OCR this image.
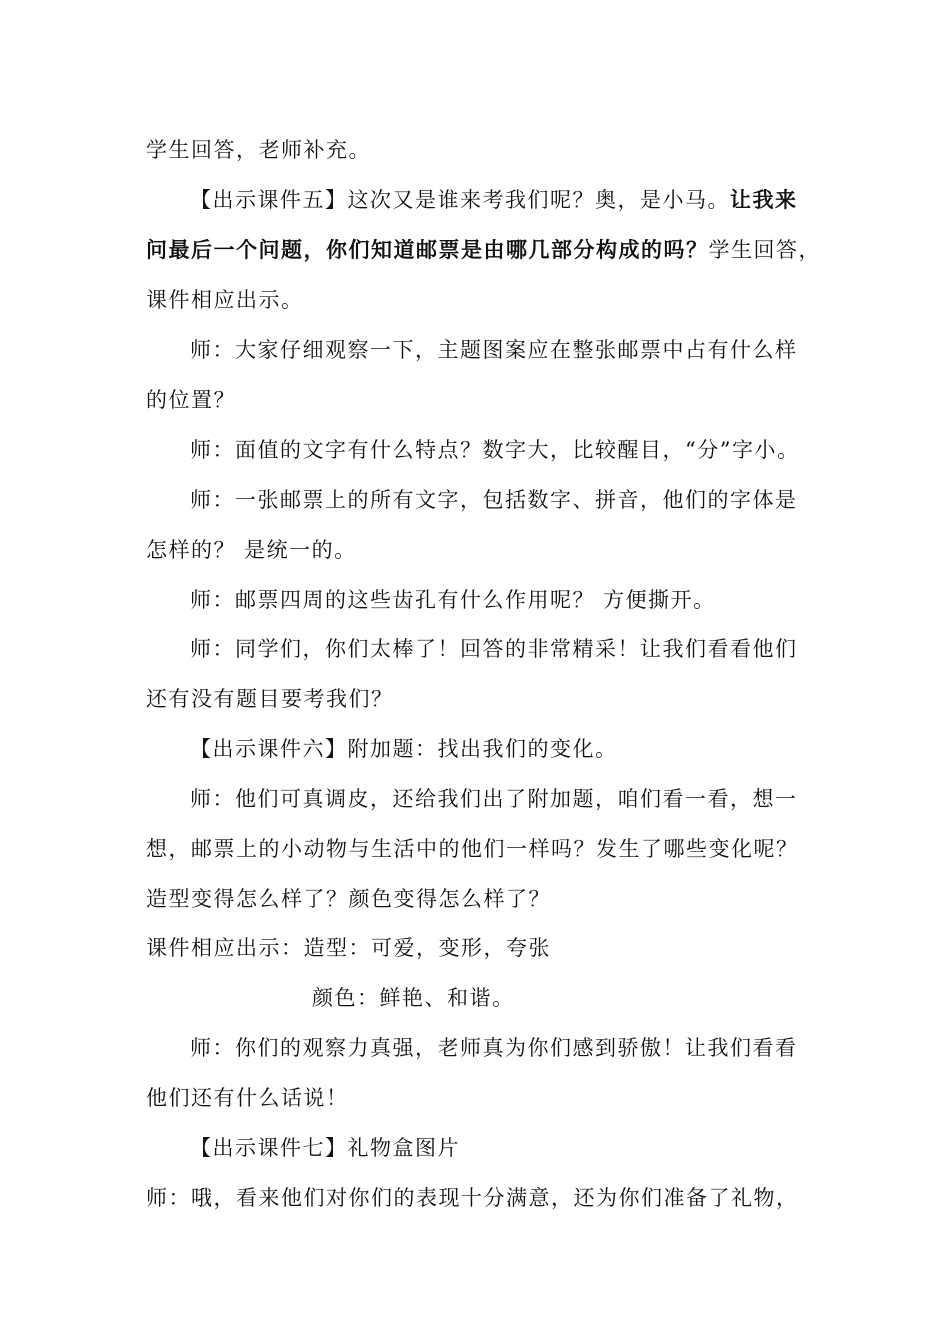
学生回答，老师补充。
【出示课件五】这次又是谁来考我们呢？奥，是小马。让我来
问最后一个问题，你们知道邮票是由哪几部分构成的吗？学生回答，
课件相应出示。
师：大家仔细观察一下，主题图案应在整张邮票中占有什么样
的位置？
师：面值的文字有什么特点？数字大，比较醒目，“分”字小。
师：一张邮票上的所有文字，包括数字、拼音，他们的字体是
怎样的？ 是统一的。
师：邮票四周的这些齿孔有什么作用呢？ 方便撕开。
师：同学们，你们太棒了！回答的非常精采！让我们看看他们
还有没有题目要考我们？
【出示课件六】附加题：找出我们的变化。
师：他们可真调皮，还给我们出了附加题，咱们看一看，想一
想，邮票上的小动物与生活中的他们一样吗？发生了哪些变化呢？
造型变得怎么样了？颜色变得怎么样了？
课件相应出示：造型：可爱，变形，夸张
颜色：鲜艳、和谐。
师：你们的观察力真强，老师真为你们感到骄傲！让我们看看
他们还有什么话说！
【出示课件七】礼物盒图片
师：哦，看来他们对你们的表现十分满意，还为你们准备了礼物，
